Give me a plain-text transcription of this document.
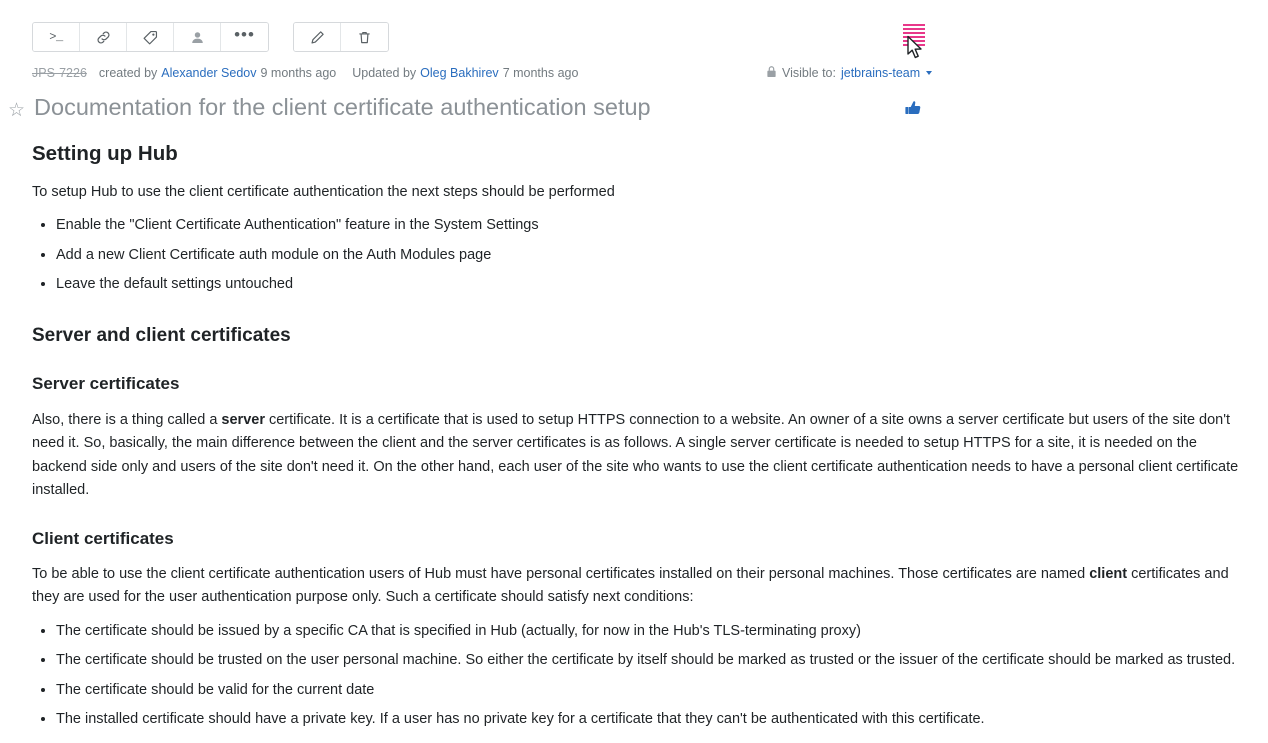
>_	•••
JPS-7226 created by Alexander Sedov 9 months ago Updated by Oleg Bakhirev 7 months ago	Visible to: jetbrains-team
☆ Documentation for the client certificate authentication setup
Setting up Hub

To setup Hub to use the client certificate authentication the next steps should be performed

• Enable the "Client Certificate Authentication" feature in the System Settings
• Add a new Client Certificate auth module on the Auth Modules page
• Leave the default settings untouched
Server and client certificates
Server certificates

Also, there is a thing called a server certificate. It is a certificate that is used to setup HTTPS connection to a website. An owner of a site owns a server certificate but users of the site don't need it. So, basically, the main difference between the client and the server certificates is as follows. A single server certificate is needed to setup HTTPS for a site, it is needed on the backend side only and users of the site don't need it. On the other hand, each user of the site who wants to use the client certificate authentication needs to have a personal client certificate installed.

Client certificates

To be able to use the client certificate authentication users of Hub must have personal certificates installed on their personal machines. Those certificates are named client certificates and they are used for the user authentication purpose only. Such a certificate should satisfy next conditions:

• The certificate should be issued by a specific CA that is specified in Hub (actually, for now in the Hub's TLS-terminating proxy)
• The certificate should be trusted on the user personal machine. So either the certificate by itself should be marked as trusted or the issuer of the certificate should be marked as trusted.
• The certificate should be valid for the current date
• The installed certificate should have a private key. If a user has no private key for a certificate that they can't be authenticated with this certificate.
